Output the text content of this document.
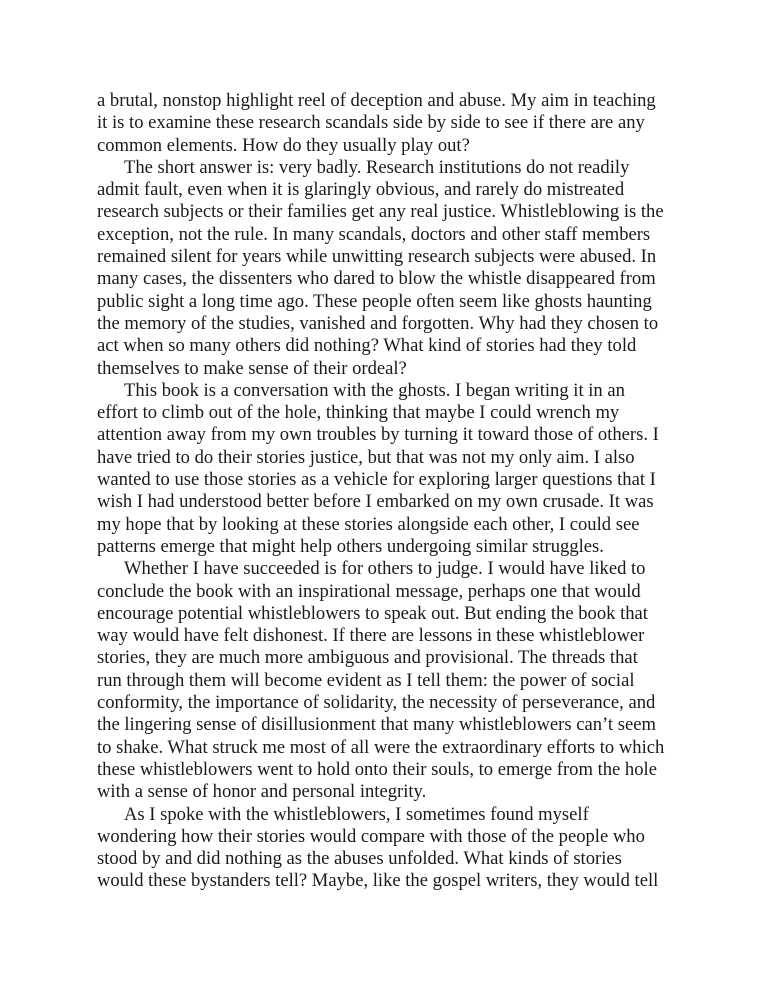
a brutal, nonstop highlight reel of deception and abuse. My aim in teaching
it is to examine these research scandals side by side to see if there are any
common elements. How do they usually play out?

The short answer is: very badly. Research institutions do not readily
admit fault, even when it is glaringly obvious, and rarely do mistreated
research subjects or their families get any real justice. Whistleblowing is the
exception, not the rule. In many scandals, doctors and other staff members
remained silent for years while unwitting research subjects were abused. In
many cases, the dissenters who dared to blow the whistle disappeared from
public sight a long time ago. These people often seem like ghosts haunting
the memory of the studies, vanished and forgotten. Why had they chosen to
act when so many others did nothing? What kind of stories had they told
themselves to make sense of their ordeal?

This book is a conversation with the ghosts. I began writing it in an
effort to climb out of the hole, thinking that maybe I could wrench my
attention away from my own troubles by turning it toward those of others. I
have tried to do their stories justice, but that was not my only aim. I also
wanted to use those stories as a vehicle for exploring larger questions that I
wish I had understood better before I embarked on my own crusade. It was
my hope that by looking at these stories alongside each other, I could see
patterns emerge that might help others undergoing similar struggles.

Whether I have succeeded is for others to judge. I would have liked to
conclude the book with an inspirational message, perhaps one that would
encourage potential whistleblowers to speak out. But ending the book that
way would have felt dishonest. If there are lessons in these whistleblower
stories, they are much more ambiguous and provisional. The threads that
run through them will become evident as I tell them: the power of social
conformity, the importance of solidarity, the necessity of perseverance, and
the lingering sense of disillusionment that many whistleblowers can’t seem
to shake. What struck me most of all were the extraordinary efforts to which
these whistleblowers went to hold onto their souls, to emerge from the hole
with a sense of honor and personal integrity.

As I spoke with the whistleblowers, I sometimes found myself
wondering how their stories would compare with those of the people who
stood by and did nothing as the abuses unfolded. What kinds of stories
would these bystanders tell? Maybe, like the gospel writers, they would tell
